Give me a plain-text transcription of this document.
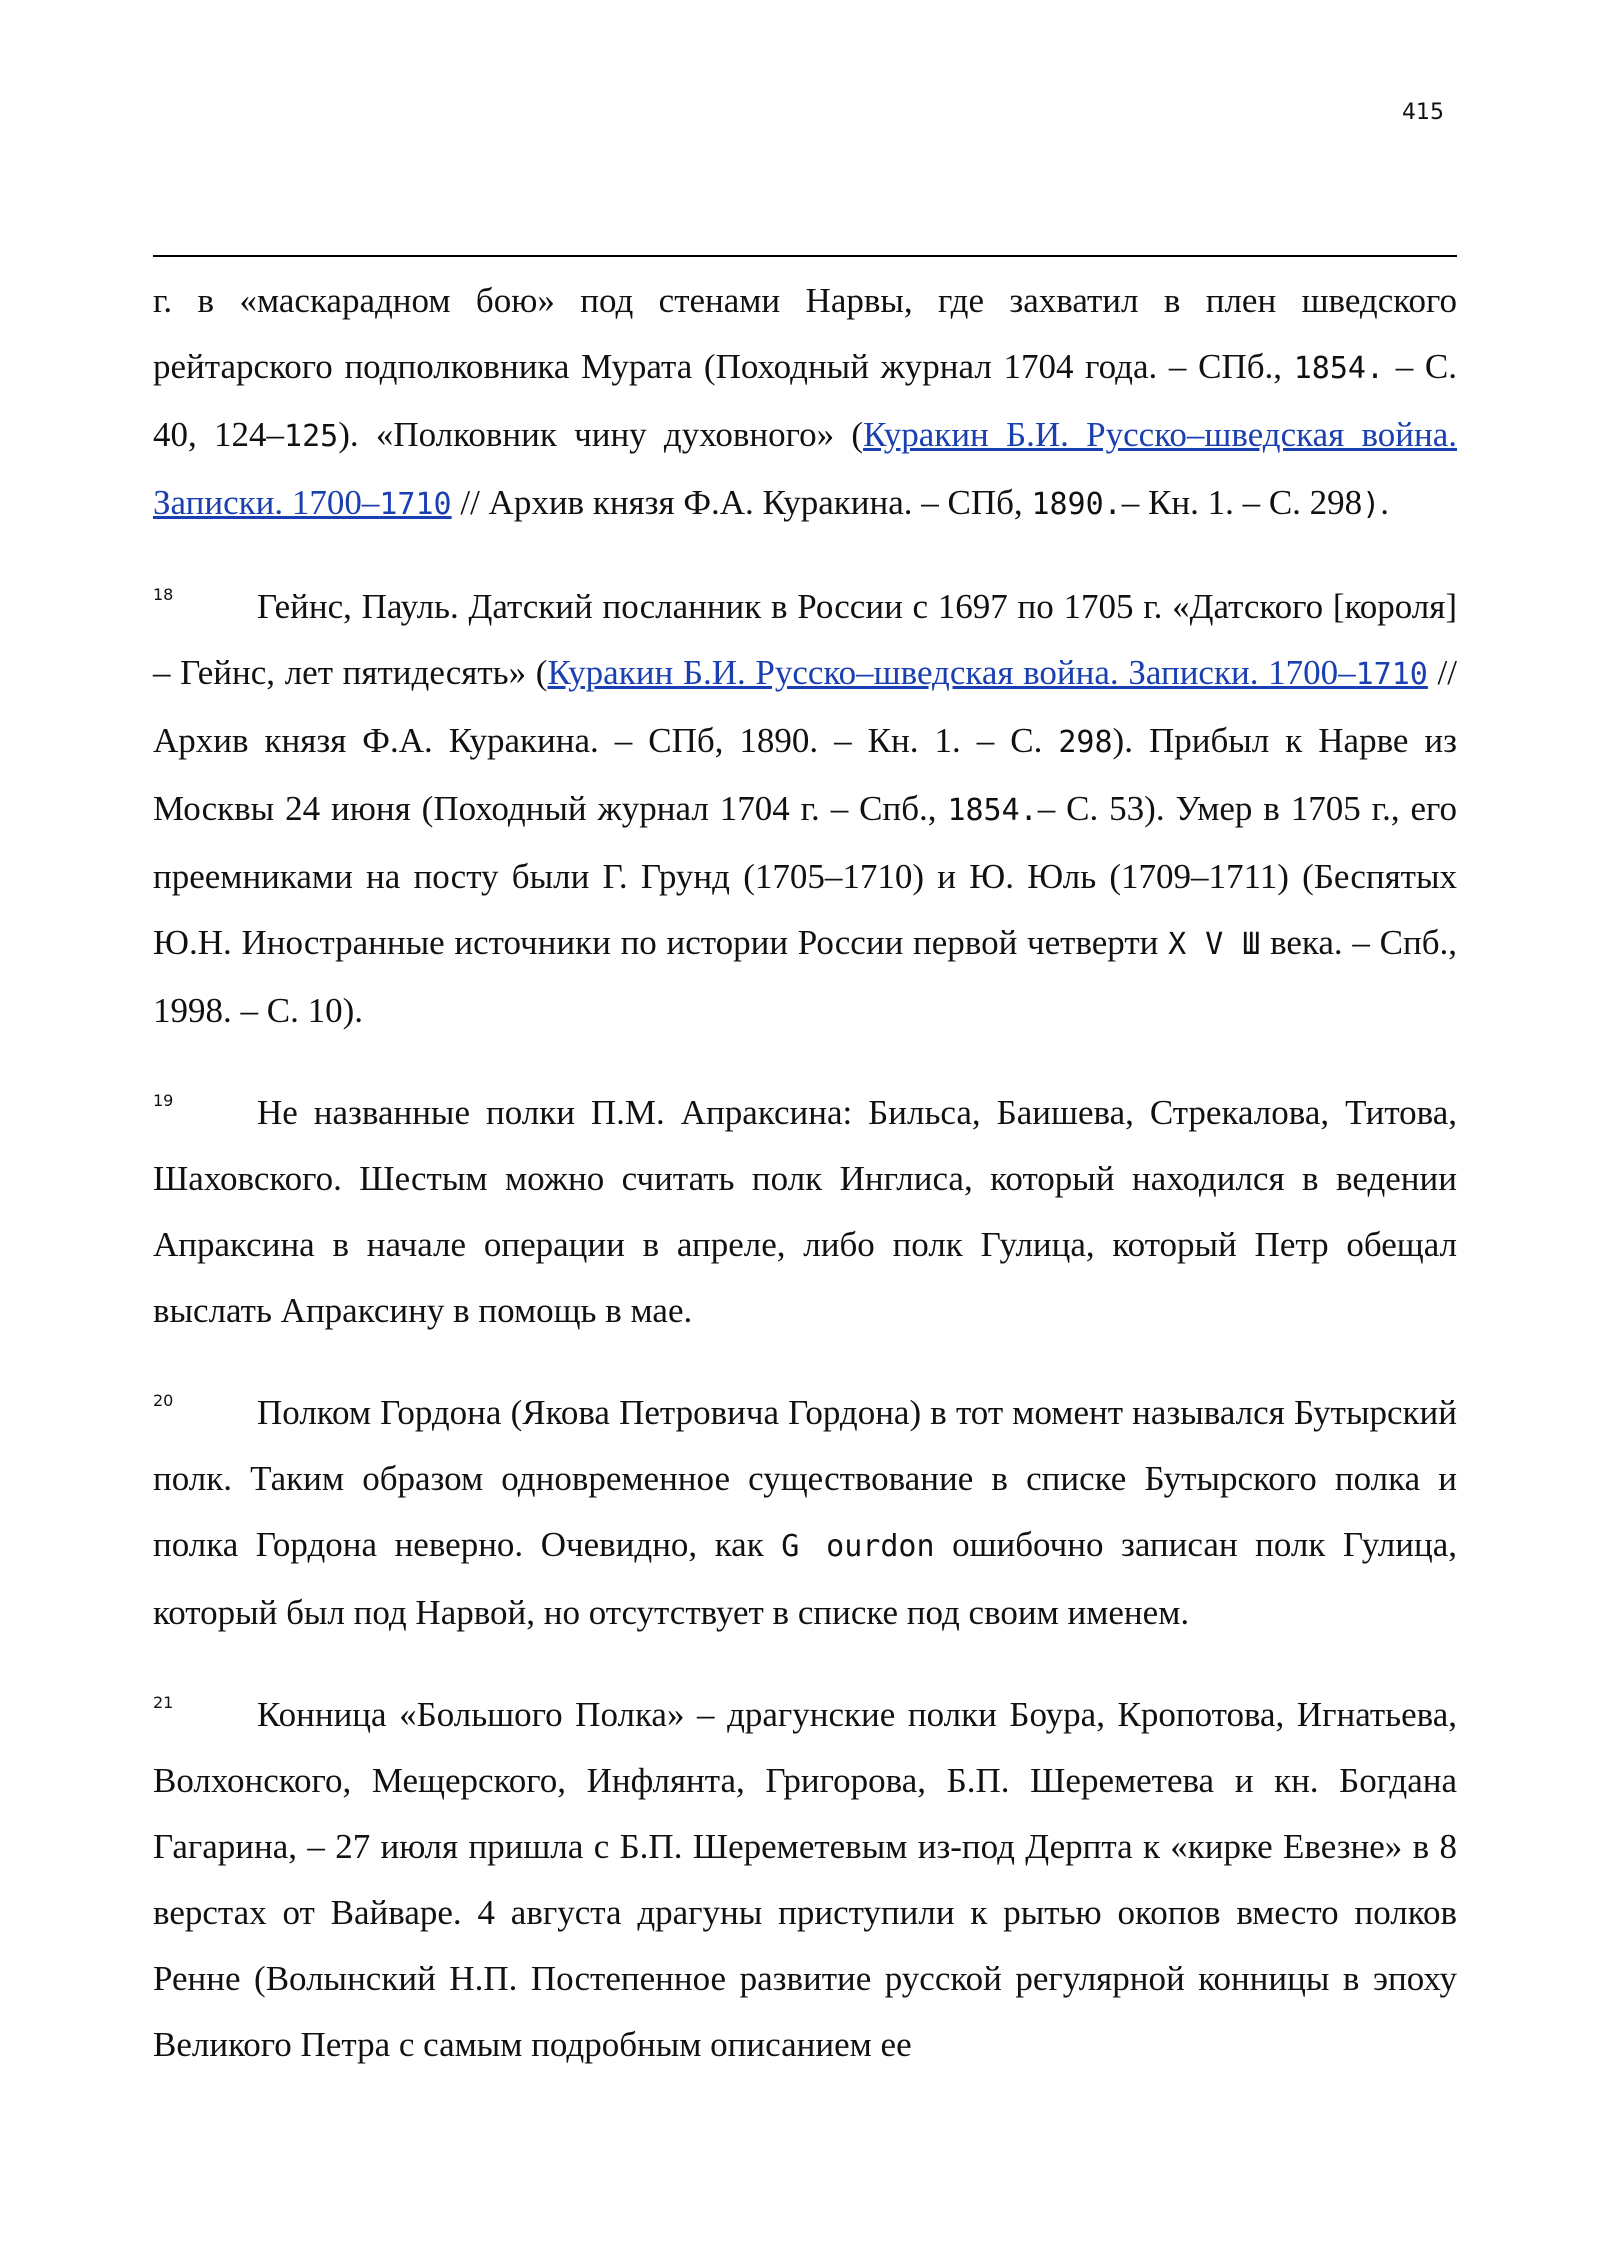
415

г. в «маскарадном бою» под стенами Нарвы, где захватил в плен шведского рейтарского подполковника Мурата (Походный журнал 1704 года. – СПб., 1854. – С. 40, 124–125). «Полковник чину духовного» (Куракин Б.И. Русско–шведская война. Записки. 1700–1710 // Архив князя Ф.А. Куракина. – СПб, 1890.– Кн. 1. – С. 298).

18 Гейнс, Пауль. Датский посланник в России с 1697 по 1705 г. «Датского [короля] – Гейнс, лет пятидесять» (Куракин Б.И. Русско–шведская война. Записки. 1700–1710 // Архив князя Ф.А. Куракина. – СПб, 1890. – Кн. 1. – С. 298). Прибыл к Нарве из Москвы 24 июня (Походный журнал 1704 г. – Спб., 1854.– С. 53). Умер в 1705 г., его преемниками на посту были Г. Грунд (1705–1710) и Ю. Юль (1709–1711) (Беспятых Ю.Н. Иностранные источники по истории России первой четверти X V Ш века. – Спб., 1998. – С. 10).

19 Не названные полки П.М. Апраксина: Бильса, Баишева, Стрекалова, Титова, Шаховского. Шестым можно считать полк Инглиса, который находился в ведении Апраксина в начале операции в апреле, либо полк Гулица, который Петр обещал выслать Апраксину в помощь в мае.

20 Полком Гордона (Якова Петровича Гордона) в тот момент назывался Бутырский полк. Таким образом одновременное существование в списке Бутырского полка и полка Гордона неверно. Очевидно, как G ourdon ошибочно записан полк Гулица, который был под Нарвой, но отсутствует в списке под своим именем.

21 Конница «Большого Полка» – драгунские полки Боура, Кропотова, Игнатьева, Волхонского, Мещерского, Инфлянта, Григорова, Б.П. Шереметева и кн. Богдана Гагарина, – 27 июля пришла с Б.П. Шереметевым из-под Дерпта к «кирке Евезне» в 8 верстах от Вайваре. 4 августа драгуны приступили к рытью окопов вместо полков Ренне (Волынский Н.П. Постепенное развитие русской регулярной конницы в эпоху Великого Петра с самым подробным описанием ее
